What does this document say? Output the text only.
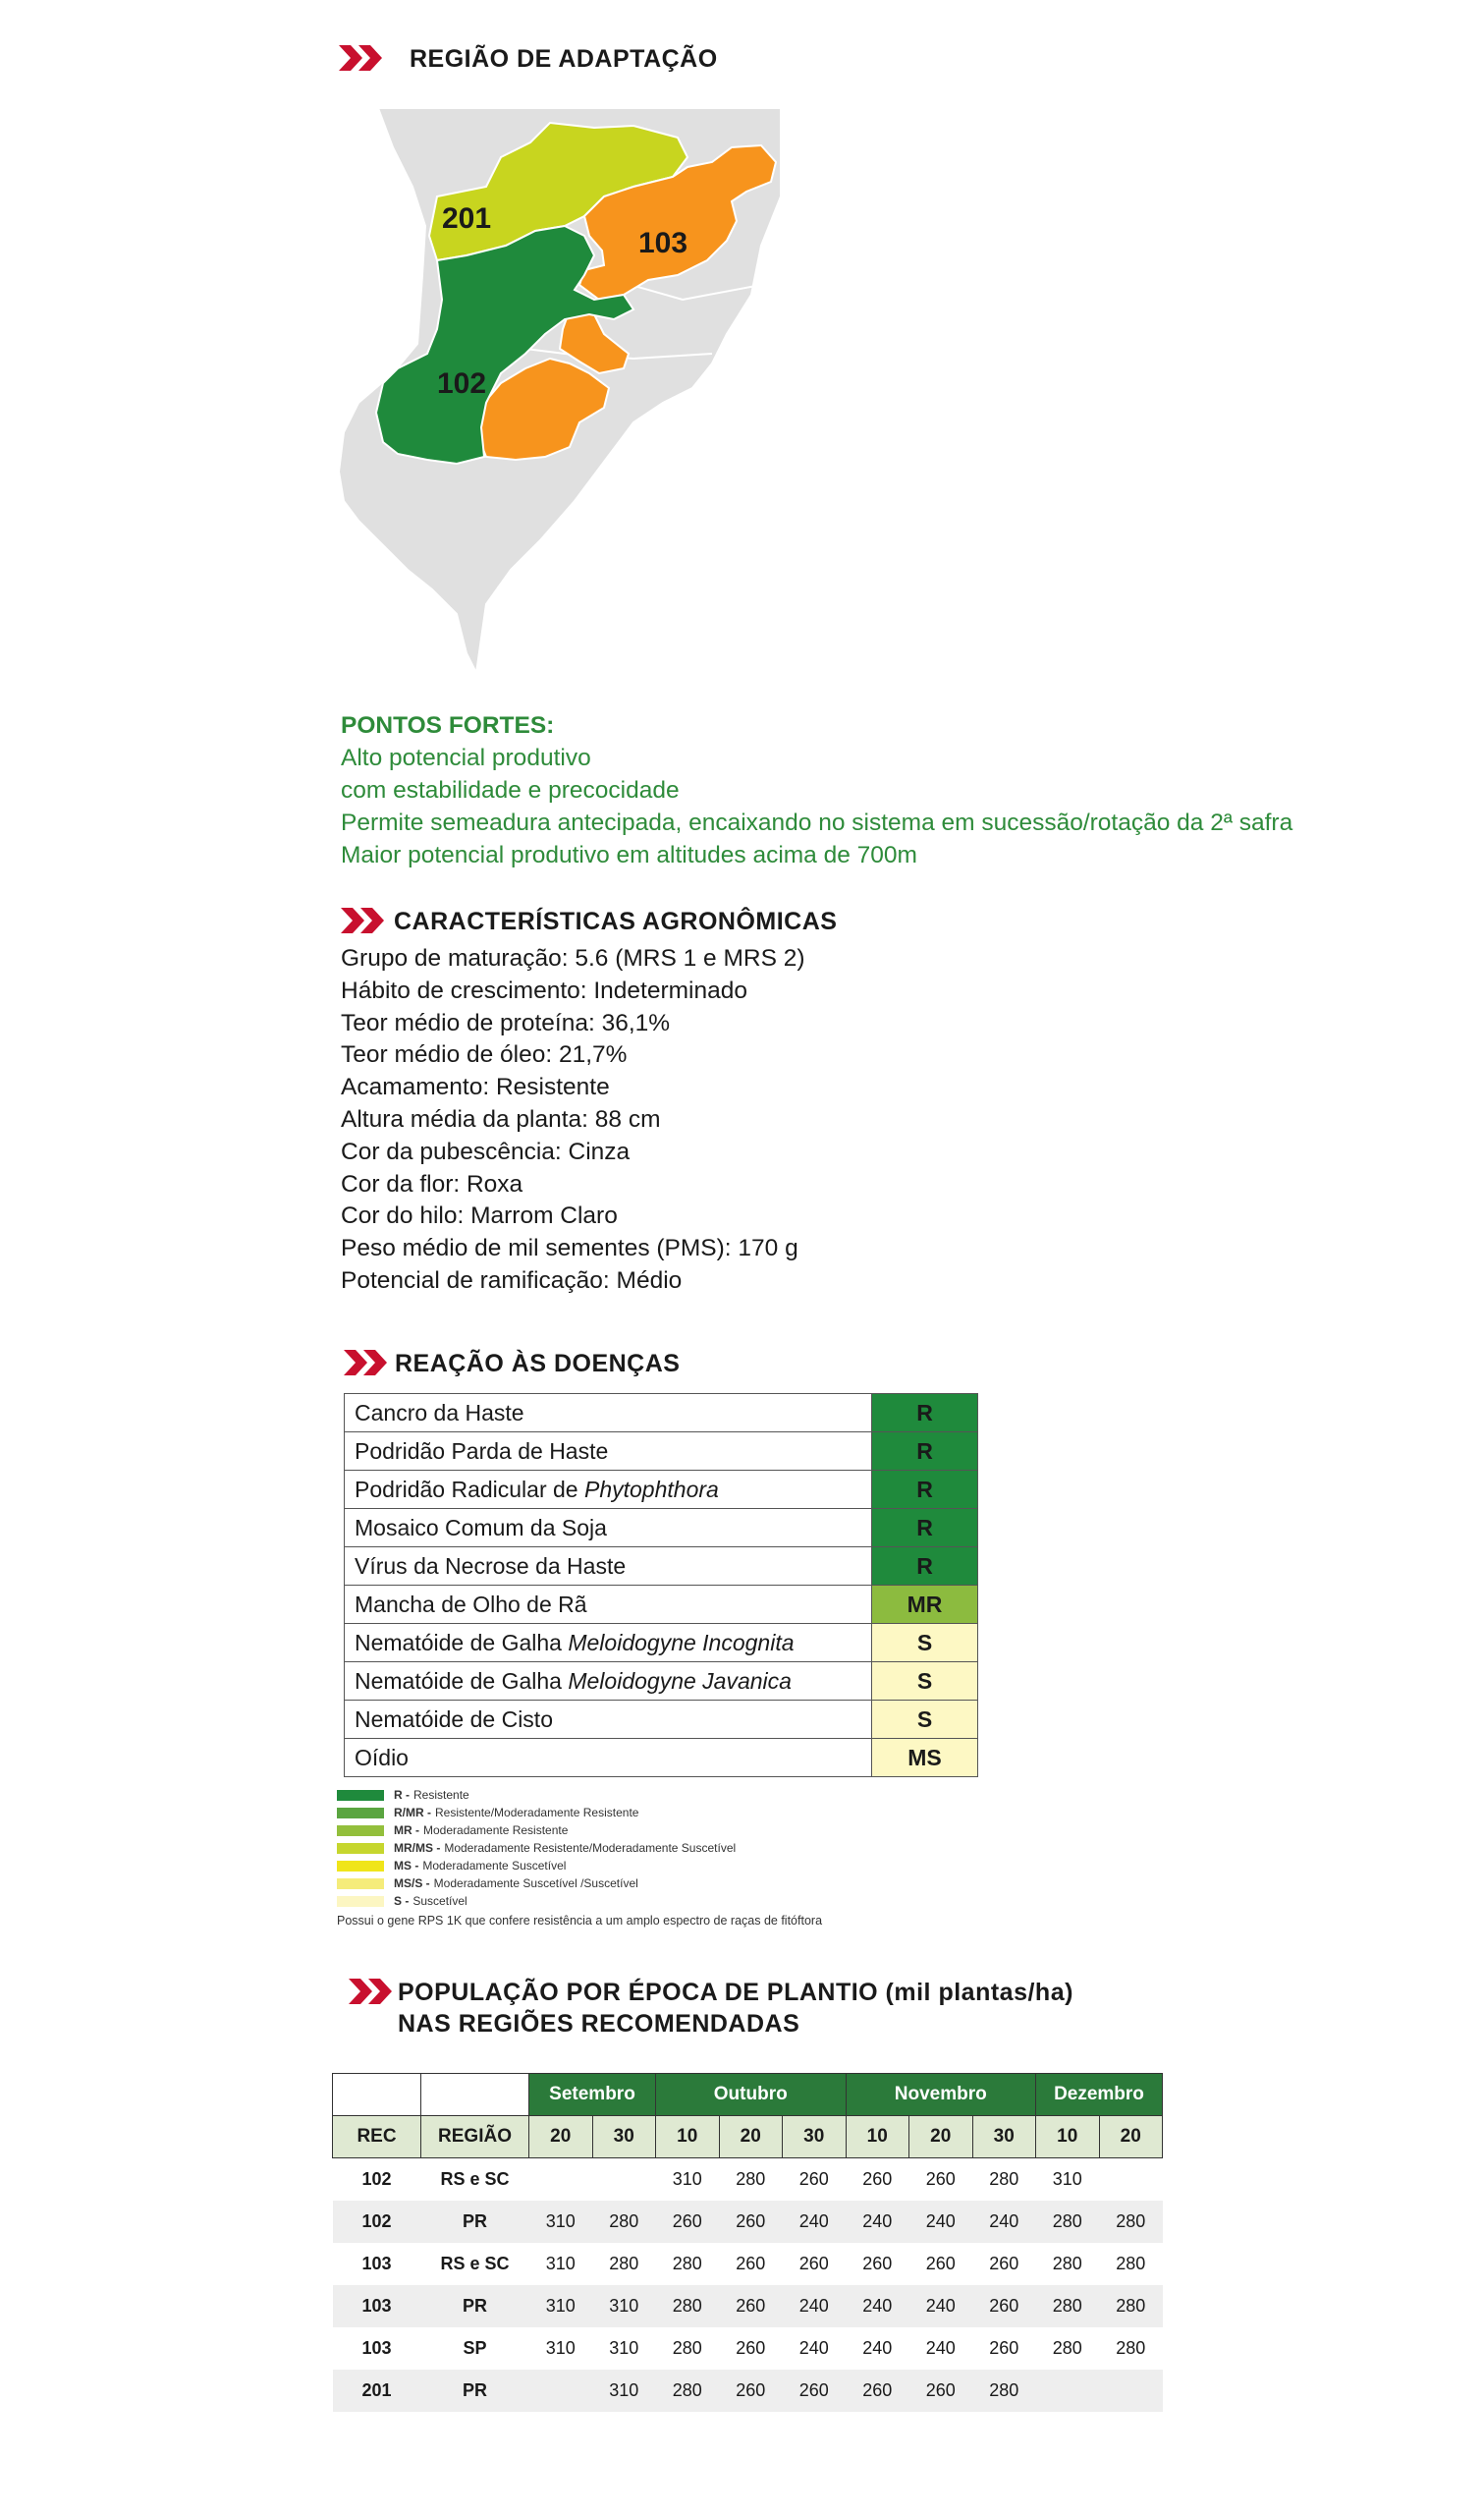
REGIÃO DE ADAPTAÇÃO
201
103
102
PONTOS FORTES:
Alto potencial produtivo
com estabilidade e precocidade
Permite semeadura antecipada, encaixando no sistema em sucessão/rotação da 2ª safra
Maior potencial produtivo em altitudes acima de 700m
CARACTERÍSTICAS AGRONÔMICAS
Grupo de maturação: 5.6 (MRS 1 e MRS 2)
Hábito de crescimento: Indeterminado
Teor médio de proteína: 36,1%
Teor médio de óleo: 21,7%
Acamamento: Resistente
Altura média da planta: 88 cm
Cor da pubescência: Cinza
Cor da flor: Roxa
Cor do hilo: Marrom Claro
Peso médio de mil sementes (PMS): 170 g
Potencial de ramificação: Médio
REAÇÃO ÀS DOENÇAS
Cancro da Haste	R
Podridão Parda de Haste	R
Podridão Radicular de Phytophthora	R
Mosaico Comum da Soja	R
Vírus da Necrose da Haste	R
Mancha de Olho de Rã	MR
Nematóide de Galha Meloidogyne Incognita	S
Nematóide de Galha Meloidogyne Javanica	S
Nematóide de Cisto	S
Oídio	MS
R - Resistente
R/MR - Resistente/Moderadamente Resistente
MR - Moderadamente Resistente
MR/MS - Moderadamente Resistente/Moderadamente Suscetível
MS - Moderadamente Suscetível
MS/S - Moderadamente Suscetível /Suscetível
S - Suscetível
Possui o gene RPS 1K que confere resistência a um amplo espectro de raças de fitóftora
POPULAÇÃO POR ÉPOCA DE PLANTIO (mil plantas/ha)
NAS REGIÕES RECOMENDADAS
		Setembro		Outubro			Novembro			Dezembro	
REC	REGIÃO	20	30	10	20	30	10	20	30	10	20
102	RS e SC			310	280	260	260	260	280	310	
102	PR	310	280	260	260	240	240	240	240	280	280
103	RS e SC	310	280	280	260	260	260	260	260	280	280
103	PR	310	310	280	260	240	240	240	260	280	280
103	SP	310	310	280	260	240	240	240	260	280	280
201	PR		310	280	260	260	260	260	280		
